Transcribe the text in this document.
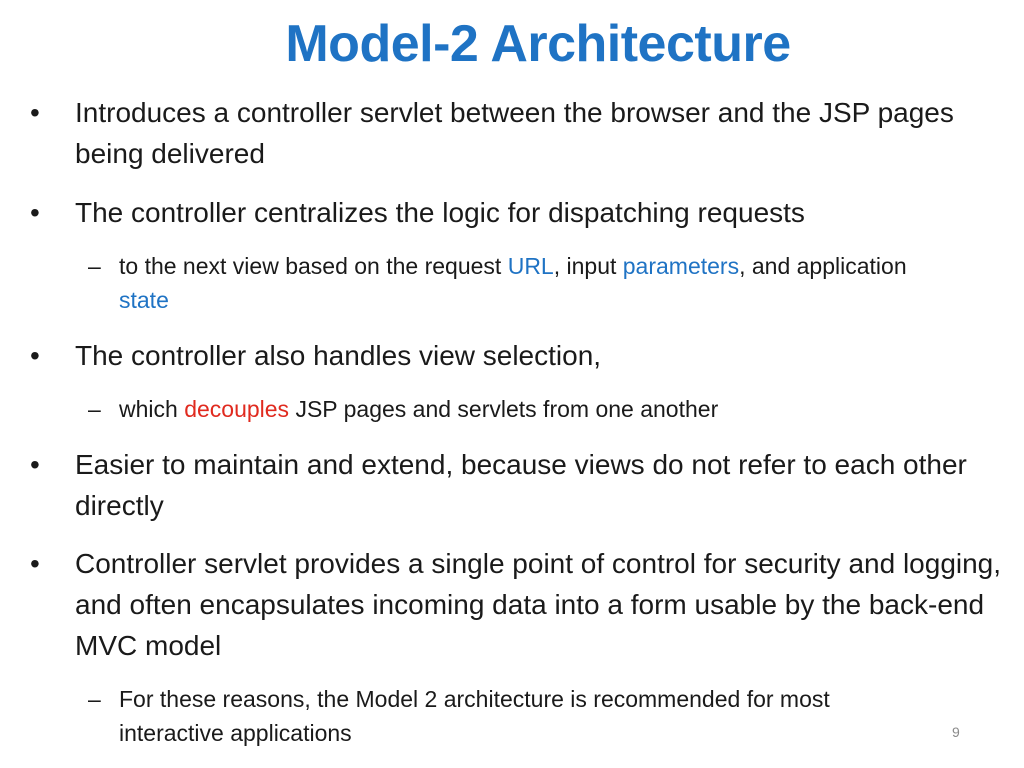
Model-2 Architecture
•	Introduces a controller servlet between the browser and the JSP pages being delivered
•	The controller centralizes the logic for dispatching requests
– to the next view based on the request URL, input parameters, and application state
•	The controller also handles view selection,
– which decouples JSP pages and servlets from one another
•	Easier to maintain and extend, because views do not refer to each other directly
•	Controller servlet provides a single point of control for security and logging, and often encapsulates incoming data into a form usable by the back-end MVC model
– For these reasons, the Model 2 architecture is recommended for most interactive applications	9
